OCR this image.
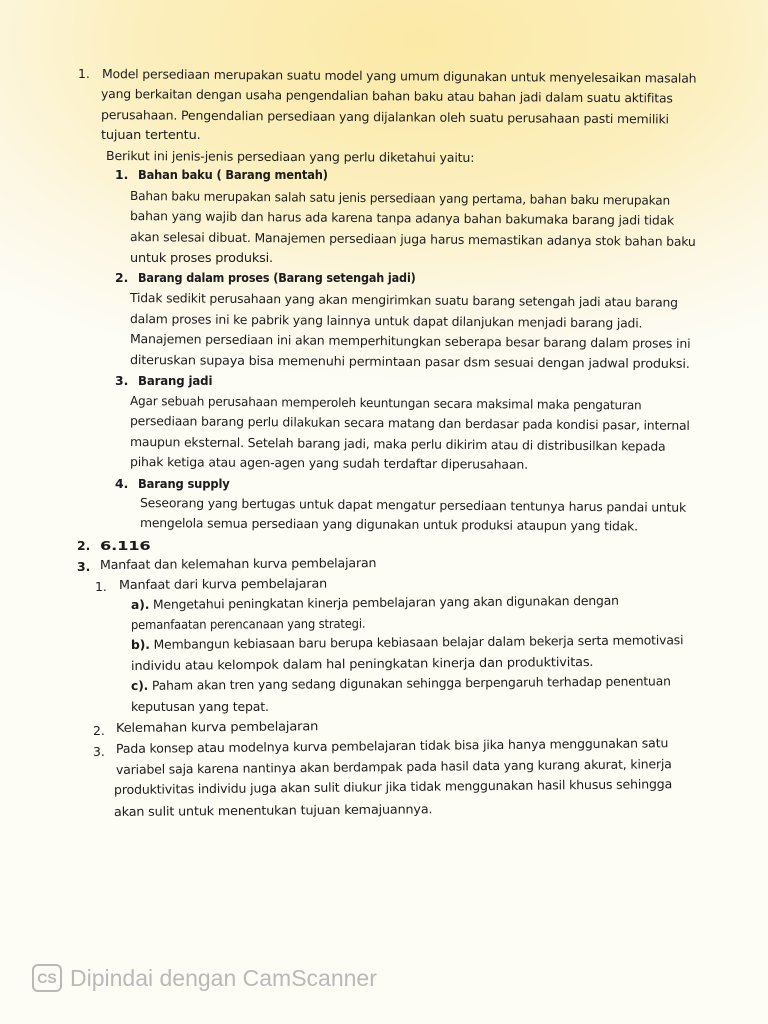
1. Model persediaan merupakan suatu model yang umum digunakan untuk menyelesaikan masalah
yang berkaitan dengan usaha pengendalian bahan baku atau bahan jadi dalam suatu aktifitas
perusahaan. Pengendalian persediaan yang dijalankan oleh suatu perusahaan pasti memiliki
tujuan tertentu.
Berikut ini jenis-jenis persediaan yang perlu diketahui yaitu:
1. Bahan baku ( Barang mentah)
Bahan baku merupakan salah satu jenis persediaan yang pertama, bahan baku merupakan
bahan yang wajib dan harus ada karena tanpa adanya bahan bakumaka barang jadi tidak
akan selesai dibuat. Manajemen persediaan juga harus memastikan adanya stok bahan baku
untuk proses produksi.
2. Barang dalam proses (Barang setengah jadi)
Tidak sedikit perusahaan yang akan mengirimkan suatu barang setengah jadi atau barang
dalam proses ini ke pabrik yang lainnya untuk dapat dilanjukan menjadi barang jadi.
Manajemen persediaan ini akan memperhitungkan seberapa besar barang dalam proses ini
diteruskan supaya bisa memenuhi permintaan pasar dsm sesuai dengan jadwal produksi.
3. Barang jadi
Agar sebuah perusahaan memperoleh keuntungan secara maksimal maka pengaturan
persediaan barang perlu dilakukan secara matang dan berdasar pada kondisi pasar, internal
maupun eksternal. Setelah barang jadi, maka perlu dikirim atau di distribusilkan kepada
pihak ketiga atau agen-agen yang sudah terdaftar diperusahaan.
4. Barang supply
Seseorang yang bertugas untuk dapat mengatur persediaan tentunya harus pandai untuk
mengelola semua persediaan yang digunakan untuk produksi ataupun yang tidak.
2. 6.116
3. Manfaat dan kelemahan kurva pembelajaran
1. Manfaat dari kurva pembelajaran
a). Mengetahui peningkatan kinerja pembelajaran yang akan digunakan dengan
pemanfaatan perencanaan yang strategi.
b). Membangun kebiasaan baru berupa kebiasaan belajar dalam bekerja serta memotivasi
individu atau kelompok dalam hal peningkatan kinerja dan produktivitas.
c). Paham akan tren yang sedang digunakan sehingga berpengaruh terhadap penentuan
keputusan yang tepat.
2. Kelemahan kurva pembelajaran
3. Pada konsep atau modelnya kurva pembelajaran tidak bisa jika hanya menggunakan satu
variabel saja karena nantinya akan berdampak pada hasil data yang kurang akurat, kinerja
produktivitas individu juga akan sulit diukur jika tidak menggunakan hasil khusus sehingga
akan sulit untuk menentukan tujuan kemajuannya.
CS Dipindai dengan CamScanner
